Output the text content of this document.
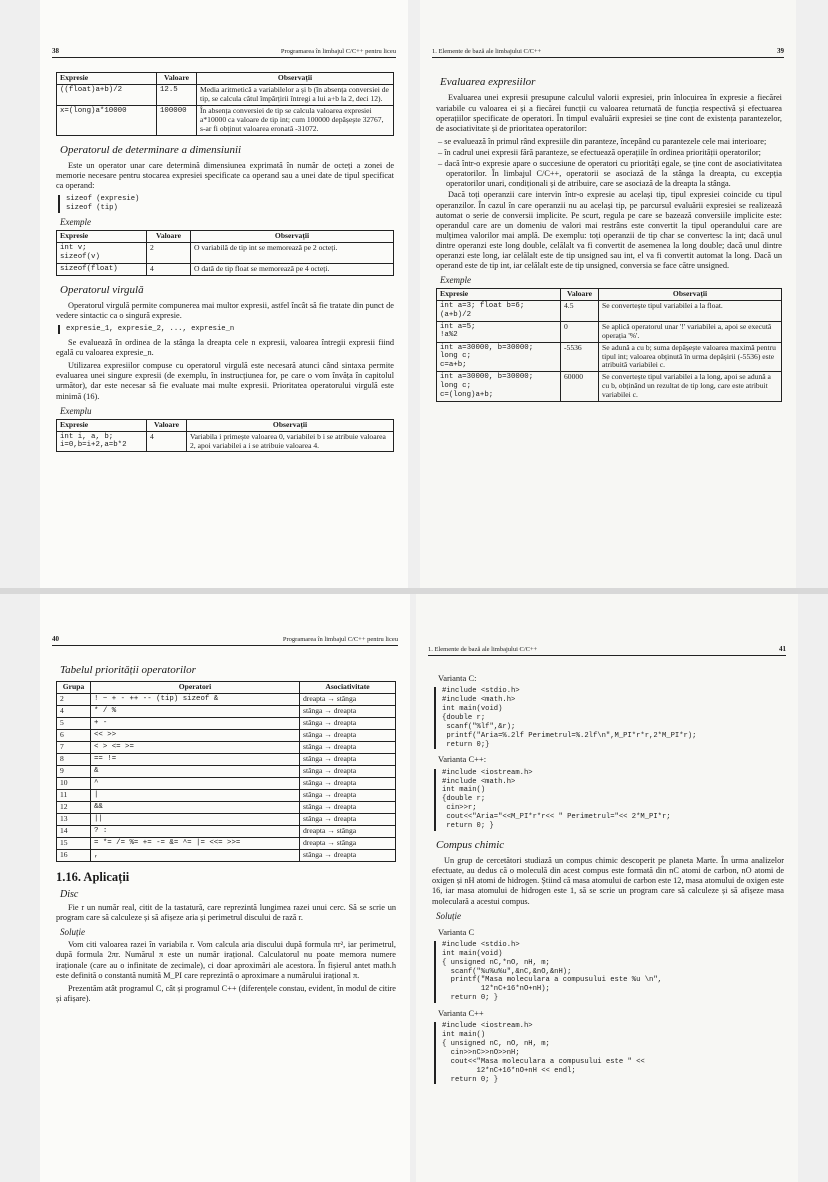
38	Programarea în limbajul C/C++ pentru liceu
Expresie	Valoare	Observații
((float)a+b)/2	12.5	Media aritmetică a variabilelor a și b (în absența conversiei de tip, se calcula câtul împărțirii întregi a lui a+b la 2, deci 12).
x=(long)a*10000	100000	În absența conversiei de tip se calcula valoarea expresiei a*10000 ca valoare de tip int; cum 100000 depășește 32767, s-ar fi obținut valoarea eronată -31072.
Operatorul de determinare a dimensiunii

Este un operator unar care determină dimensiunea exprimată în număr de octeți a zonei de memorie necesare pentru stocarea expresiei specificate ca operand sau a unei date de tipul specificat ca operand:

sizeof (expresie)
sizeof (tip)
Exemple
Expresie	Valoare	Observații
int v;
sizeof(v)	2	O variabilă de tip int se memorează pe 2 octeți.
sizeof(float)	4	O dată de tip float se memorează pe 4 octeți.
Operatorul virgulă

Operatorul virgulă permite compunerea mai multor expresii, astfel încât să fie tratate din punct de vedere sintactic ca o singură expresie.

expresie_1, expresie_2, ..., expresie_n

Se evaluează în ordinea de la stânga la dreapta cele n expresii, valoarea întregii expresii fiind egală cu valoarea expresie_n.

Utilizarea expresiilor compuse cu operatorul virgulă este necesară atunci când sintaxa permite evaluarea unei singure expresii (de exemplu, în instrucțiunea for, pe care o vom învăța în capitolul următor), dar este necesar să fie evaluate mai multe expresii. Prioritatea operatorului virgulă este minimă (16).

Exemplu
Expresie	Valoare	Observații
int i, a, b;
i=0,b=i+2,a=b*2	4	Variabila i primește valoarea 0, variabilei b i se atribuie valoarea 2, apoi variabilei a i se atribuie valoarea 4.
1. Elemente de bază ale limbajului C/C++	39
Evaluarea expresiilor

Evaluarea unei expresii presupune calculul valorii expresiei, prin înlocuirea în expresie a fiecărei variabile cu valoarea ei și a fiecărei funcții cu valoarea returnată de funcția respectivă și efectuarea operațiilor specificate de operatori. În timpul evaluării expresiei se ține cont de existența parantezelor, de asociativitate și de prioritatea operatorilor:

– se evaluează în primul rând expresiile din paranteze, începând cu parantezele cele mai interioare;
– în cadrul unei expresii fără paranteze, se efectuează operațiile în ordinea priorității operatorilor;
– dacă într-o expresie apare o succesiune de operatori cu priorități egale, se ține cont de asociativitatea operatorilor. În limbajul C/C++, operatorii se asociază de la stânga la dreapta, cu excepția operatorilor unari, condiționali și de atribuire, care se asociază de la dreapta la stânga.

Dacă toți operanzii care intervin într-o expresie au același tip, tipul expresiei coincide cu tipul operanzilor. În cazul în care operanzii nu au același tip, pe parcursul evaluării expresiei se realizează automat o serie de conversii implicite. Pe scurt, regula pe care se bazează conversiile implicite este: operandul care are un domeniu de valori mai restrâns este convertit la tipul operandului care are mulțimea valorilor mai amplă. De exemplu: toți operanzii de tip char se convertesc la int; dacă unul dintre operanzi este long double, celălalt va fi convertit de asemenea la long double; dacă unul dintre operanzi este long, iar celălalt este de tip unsigned sau int, el va fi convertit automat la long. Dacă un operand este de tip int, iar celălalt este de tip unsigned, conversia se face către unsigned.

Exemple
Expresie	Valoare	Observații
int a=3; float b=6;
(a+b)/2	4.5	Se convertește tipul variabilei a la float.
int a=5;
!a%2	0	Se aplică operatorul unar '!' variabilei a, apoi se execută operația '%'.
int a=30000, b=30000;
long c;
c=a+b;	-5536	Se adună a cu b; suma depășește valoarea maximă pentru tipul int; valoarea obținută în urma depășirii (-5536) este atribuită variabilei c.
int a=30000, b=30000;
long c;
c=(long)a+b;	60000	Se convertește tipul variabilei a la long, apoi se adună a cu b, obținând un rezultat de tip long, care este atribuit variabilei c.
40	Programarea în limbajul C/C++ pentru liceu
Tabelul priorității operatorilor
Grupa	Operatori	Asociativitate
2	! ~ + - ++ -- (tip) sizeof &	dreapta → stânga
4	* / %	stânga → dreapta
5	+ -	stânga → dreapta
6	<< >>	stânga → dreapta
7	< > <= >=	stânga → dreapta
8	== !=	stânga → dreapta
9	&	stânga → dreapta
10	^	stânga → dreapta
11	|	stânga → dreapta
12	&&	stânga → dreapta
13	||	stânga → dreapta
14	? :	dreapta → stânga
15	= *= /= %= += -= &= ^= |= <<= >>=	dreapta → stânga
16	,	stânga → dreapta
1.16. Aplicații
Disc

Fie r un număr real, citit de la tastatură, care reprezintă lungimea razei unui cerc. Să se scrie un program care să calculeze și să afișeze aria și perimetrul discului de rază r.

Soluție

Vom citi valoarea razei în variabila r. Vom calcula aria discului după formula πr², iar perimetrul, după formula 2πr. Numărul π este un număr irațional. Calculatorul nu poate memora numere iraționale (care au o infinitate de zecimale), ci doar aproximări ale acestora. În fișierul antet math.h este definită o constantă numită M_PI care reprezintă o aproximare a numărului irațional π.

Prezentăm atât programul C, cât și programul C++ (diferențele constau, evident, în modul de citire și afișare).

1. Elemente de bază ale limbajului C/C++	41
Varianta C:
#include <stdio.h>
#include <math.h>
int main(void)
{double r;
scanf("%lf",&r);
printf("Aria=%.2lf Perimetrul=%.2lf\n",M_PI*r*r,2*M_PI*r);
return 0;}
Varianta C++:
#include <iostream.h>
#include <math.h>
int main()
{double r;
cin>>r;
cout<<"Aria="<<M_PI*r*r<< " Perimetrul="<< 2*M_PI*r;
return 0; }
Compus chimic

Un grup de cercetători studiază un compus chimic descoperit pe planeta Marte. În urma analizelor efectuate, au dedus că o moleculă din acest compus este formată din nC atomi de carbon, nO atomi de oxigen și nH atomi de hidrogen. Știind că masa atomului de carbon este 12, masa atomului de oxigen este 16, iar masa atomului de hidrogen este 1, să se scrie un program care să calculeze și să afișeze masa moleculară a acestui compus.

Soluție
Varianta C
#include <stdio.h>
int main(void)
{ unsigned nC,*nO, nH, m;
scanf("%u%u%u",&nC,&nO,&nH);
printf("Masa moleculara a compusului este %u \n",
12*nC+16*nO+nH);
return 0; }
Varianta C++
#include <iostream.h>
int main()
{ unsigned nC, nO, nH, m;
cin>>nC>>nO>>nH;
cout<<"Masa moleculara a compusului este " <<
12*nC+16*nO+nH << endl;
return 0; }
